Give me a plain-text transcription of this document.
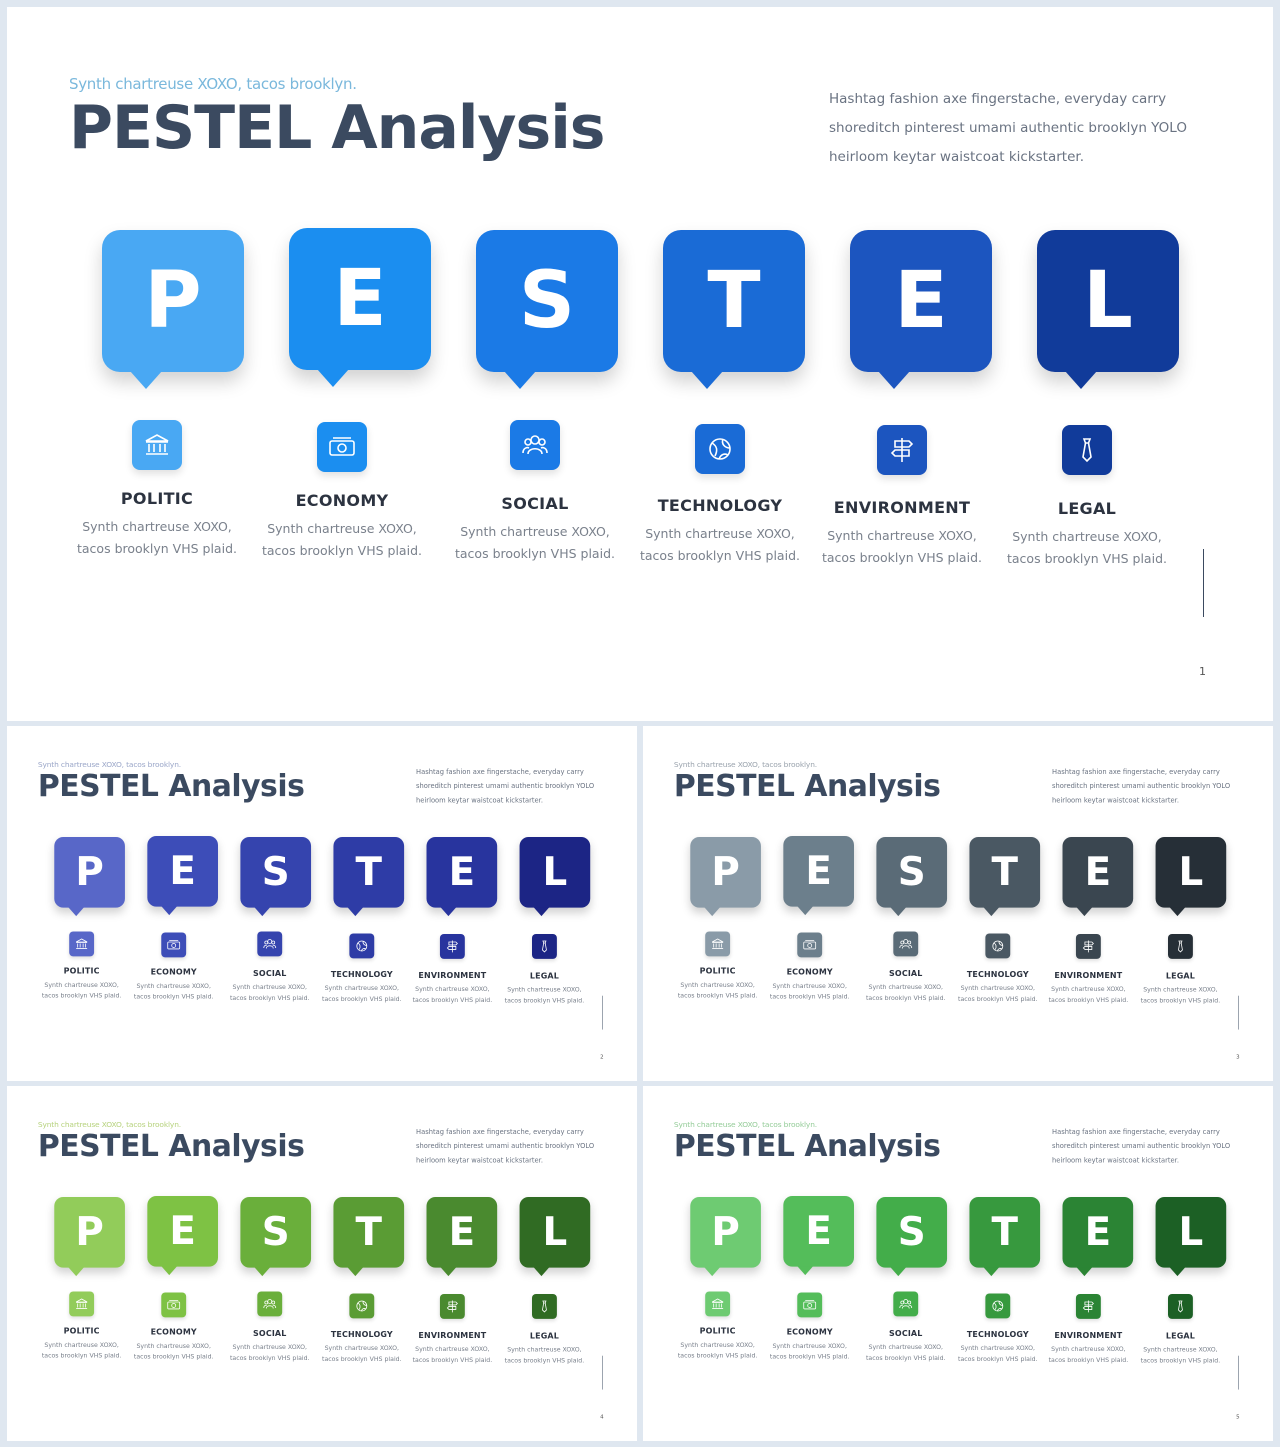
Synth chartreuse XOXO, tacos brooklyn.
PESTEL Analysis	Hashtag fashion axe fingerstache, everyday carry shoreditch pinterest umami authentic brooklyn YOLO heirloom keytar waistcoat kickstarter.
P
POLITIC
Synth chartreuse XOXO, tacos brooklyn VHS plaid.
E
ECONOMY
Synth chartreuse XOXO, tacos brooklyn VHS plaid.
S
SOCIAL
Synth chartreuse XOXO, tacos brooklyn VHS plaid.
T
TECHNOLOGY
Synth chartreuse XOXO, tacos brooklyn VHS plaid.
E
ENVIRONMENT
Synth chartreuse XOXO, tacos brooklyn VHS plaid.
L
LEGAL
Synth chartreuse XOXO, tacos brooklyn VHS plaid.
1
Synth chartreuse XOXO, tacos brooklyn.
PESTEL Analysis	Hashtag fashion axe fingerstache, everyday carry shoreditch pinterest umami authentic brooklyn YOLO heirloom keytar waistcoat kickstarter.
P
POLITIC
Synth chartreuse XOXO, tacos brooklyn VHS plaid.
E
ECONOMY
Synth chartreuse XOXO, tacos brooklyn VHS plaid.
S
SOCIAL
Synth chartreuse XOXO, tacos brooklyn VHS plaid.
T
TECHNOLOGY
Synth chartreuse XOXO, tacos brooklyn VHS plaid.
E
ENVIRONMENT
Synth chartreuse XOXO, tacos brooklyn VHS plaid.
L
LEGAL
Synth chartreuse XOXO, tacos brooklyn VHS plaid.
2
Synth chartreuse XOXO, tacos brooklyn.
PESTEL Analysis	Hashtag fashion axe fingerstache, everyday carry shoreditch pinterest umami authentic brooklyn YOLO heirloom keytar waistcoat kickstarter.
P
POLITIC
Synth chartreuse XOXO, tacos brooklyn VHS plaid.
E
ECONOMY
Synth chartreuse XOXO, tacos brooklyn VHS plaid.
S
SOCIAL
Synth chartreuse XOXO, tacos brooklyn VHS plaid.
T
TECHNOLOGY
Synth chartreuse XOXO, tacos brooklyn VHS plaid.
E
ENVIRONMENT
Synth chartreuse XOXO, tacos brooklyn VHS plaid.
L
LEGAL
Synth chartreuse XOXO, tacos brooklyn VHS plaid.
3
Synth chartreuse XOXO, tacos brooklyn.
PESTEL Analysis	Hashtag fashion axe fingerstache, everyday carry shoreditch pinterest umami authentic brooklyn YOLO heirloom keytar waistcoat kickstarter.
P
POLITIC
Synth chartreuse XOXO, tacos brooklyn VHS plaid.
E
ECONOMY
Synth chartreuse XOXO, tacos brooklyn VHS plaid.
S
SOCIAL
Synth chartreuse XOXO, tacos brooklyn VHS plaid.
T
TECHNOLOGY
Synth chartreuse XOXO, tacos brooklyn VHS plaid.
E
ENVIRONMENT
Synth chartreuse XOXO, tacos brooklyn VHS plaid.
L
LEGAL
Synth chartreuse XOXO, tacos brooklyn VHS plaid.
4
Synth chartreuse XOXO, tacos brooklyn.
PESTEL Analysis	Hashtag fashion axe fingerstache, everyday carry shoreditch pinterest umami authentic brooklyn YOLO heirloom keytar waistcoat kickstarter.
P
POLITIC
Synth chartreuse XOXO, tacos brooklyn VHS plaid.
E
ECONOMY
Synth chartreuse XOXO, tacos brooklyn VHS plaid.
S
SOCIAL
Synth chartreuse XOXO, tacos brooklyn VHS plaid.
T
TECHNOLOGY
Synth chartreuse XOXO, tacos brooklyn VHS plaid.
E
ENVIRONMENT
Synth chartreuse XOXO, tacos brooklyn VHS plaid.
L
LEGAL
Synth chartreuse XOXO, tacos brooklyn VHS plaid.
5
